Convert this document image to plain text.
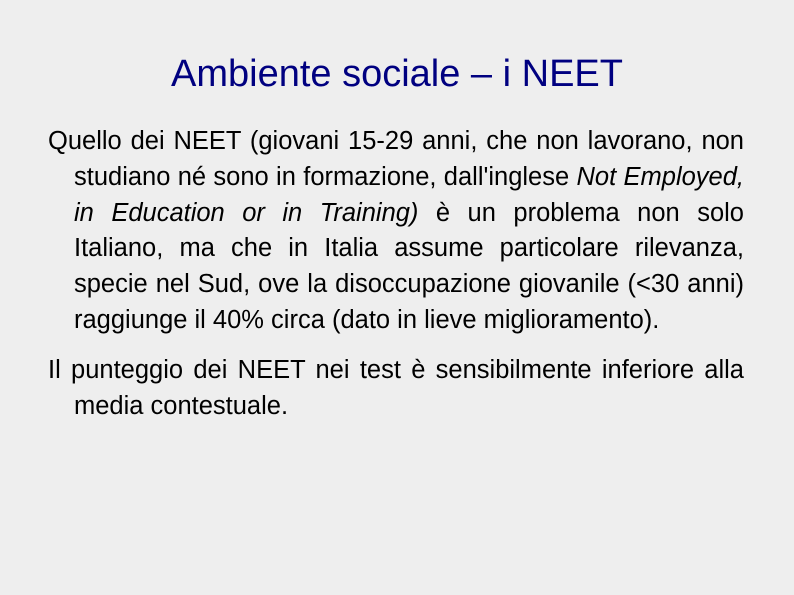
Ambiente sociale – i NEET

Quello dei NEET (giovani 15-29 anni, che non lavorano, non studiano né sono in formazione, dall'inglese Not Employed, in Education or in Training) è un problema non solo Italiano, ma che in Italia assume particolare rilevanza, specie nel Sud, ove la disoccupazione giovanile (<30 anni) raggiunge il 40% circa (dato in lieve miglioramento).

Il punteggio dei NEET nei test è sensibilmente inferiore alla media contestuale.
